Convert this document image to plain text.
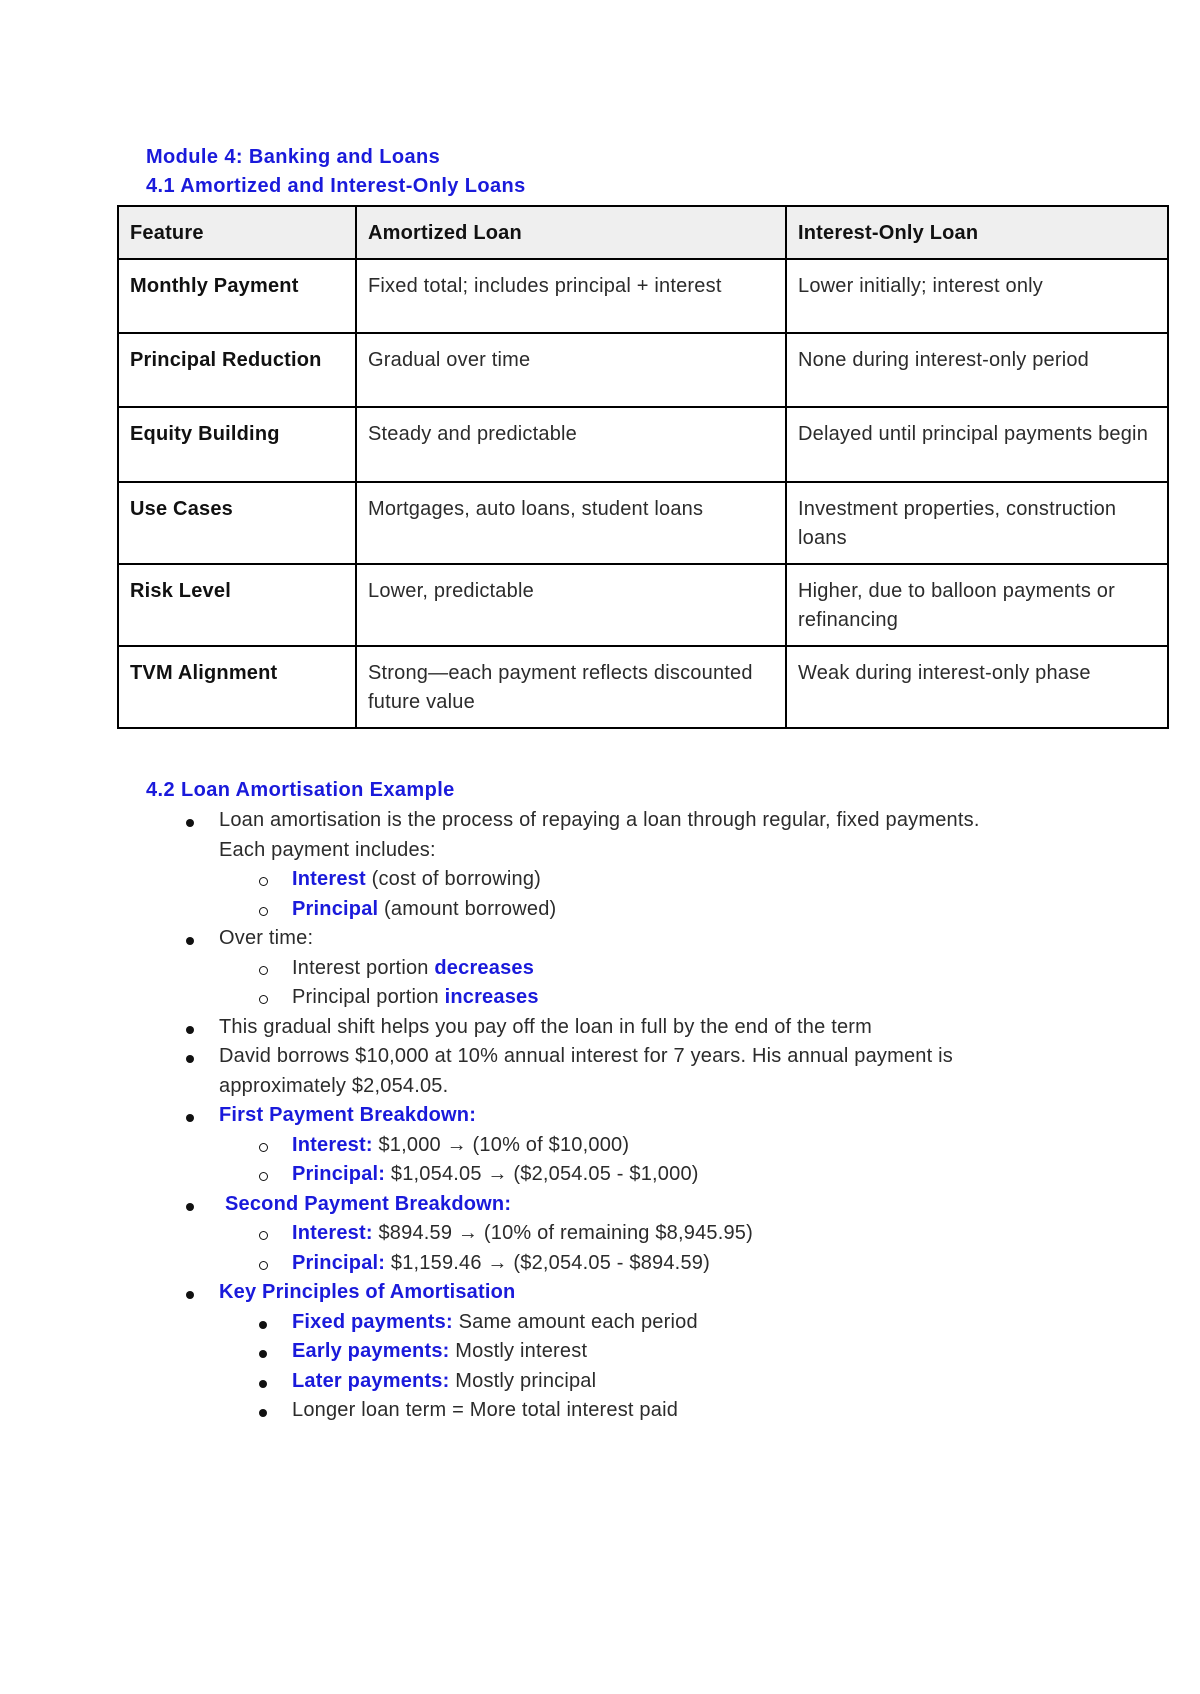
Module 4: Banking and Loans
4.1 Amortized and Interest-Only Loans
Feature	Amortized Loan	Interest-Only Loan
Monthly Payment	Fixed total; includes principal + interest	Lower initially; interest only
Principal Reduction	Gradual over time	None during interest-only period
Equity Building	Steady and predictable	Delayed until principal payments begin
Use Cases	Mortgages, auto loans, student loans	Investment properties, construction loans
Risk Level	Lower, predictable	Higher, due to balloon payments or refinancing
TVM Alignment	Strong—each payment reflects discounted future value	Weak during interest-only phase
4.2 Loan Amortisation Example
Loan amortisation is the process of repaying a loan through regular, fixed payments.
Each payment includes:
Interest (cost of borrowing)
Principal (amount borrowed)
Over time:
Interest portion decreases
Principal portion increases
This gradual shift helps you pay off the loan in full by the end of the term
David borrows $10,000 at 10% annual interest for 7 years. His annual payment is
approximately $2,054.05.
First Payment Breakdown:
Interest: $1,000 → (10% of $10,000)
Principal: $1,054.05 → ($2,054.05 - $1,000)
Second Payment Breakdown:
Interest: $894.59 → (10% of remaining $8,945.95)
Principal: $1,159.46 → ($2,054.05 - $894.59)
Key Principles of Amortisation
Fixed payments: Same amount each period
Early payments: Mostly interest
Later payments: Mostly principal
Longer loan term = More total interest paid
